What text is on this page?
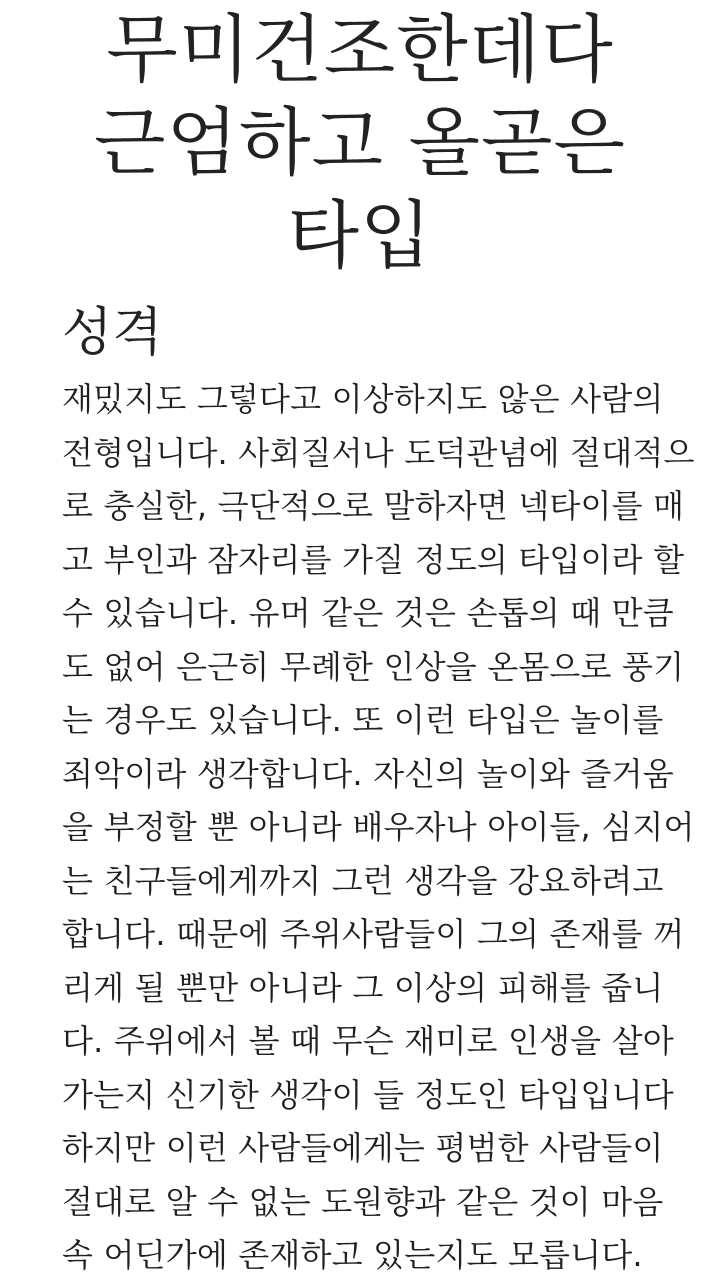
무미건조한데다
근엄하고 올곧은
타입
성격

재밌지도 그렇다고 이상하지도 않은 사람의
전형입니다. 사회질서나 도덕관념에 절대적으
로 충실한, 극단적으로 말하자면 넥타이를 매
고 부인과 잠자리를 가질 정도의 타입이라 할
수 있습니다. 유머 같은 것은 손톱의 때 만큼
도 없어 은근히 무례한 인상을 온몸으로 풍기
는 경우도 있습니다. 또 이런 타입은 놀이를
죄악이라 생각합니다. 자신의 놀이와 즐거움
을 부정할 뿐 아니라 배우자나 아이들, 심지어
는 친구들에게까지 그런 생각을 강요하려고
합니다. 때문에 주위사람들이 그의 존재를 꺼
리게 될 뿐만 아니라 그 이상의 피해를 줍니
다. 주위에서 볼 때 무슨 재미로 인생을 살아
가는지 신기한 생각이 들 정도인 타입입니다
하지만 이런 사람들에게는 평범한 사람들이
절대로 알 수 없는 도원향과 같은 것이 마음
속 어딘가에 존재하고 있는지도 모릅니다.
